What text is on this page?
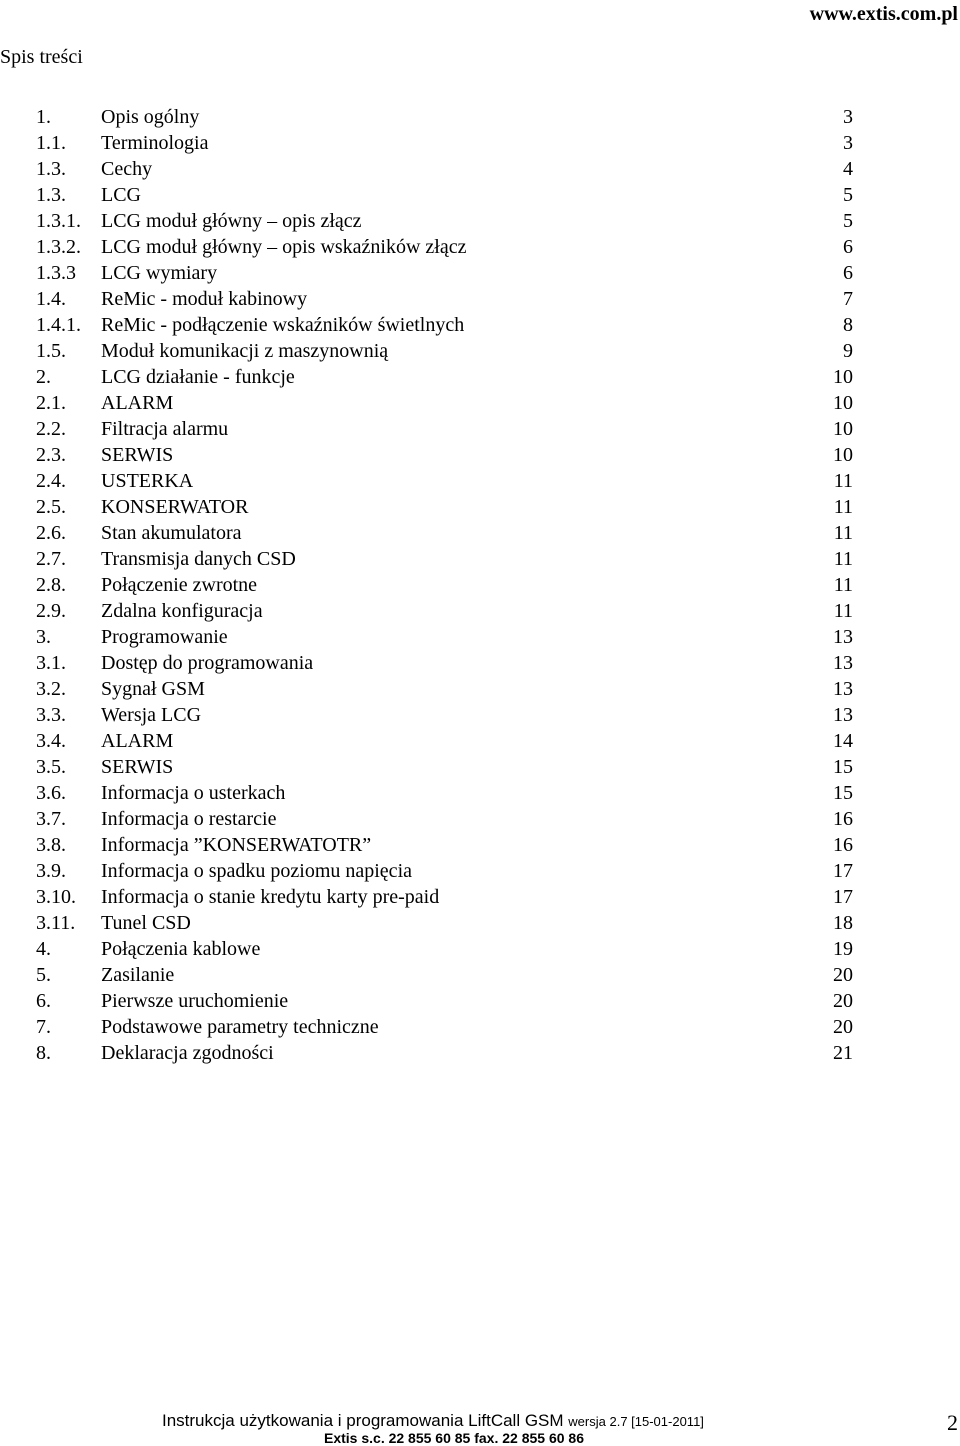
www.extis.com.pl
Spis treści
1.	Opis ogólny	3
1.1. Terminologia	3
1.3. Cechy	4
1.3. LCG	5
1.3.1. LCG moduł główny – opis złącz	5
1.3.2. LCG moduł główny – opis wskaźników złącz	6
1.3.3 LCG wymiary	6
1.4. ReMic - moduł kabinowy	7
1.4.1. ReMic - podłączenie wskaźników świetlnych	8
1.5. Moduł komunikacji z maszynownią	9
2.	LCG działanie - funkcje	10
2.1. ALARM	10
2.2. Filtracja alarmu	10
2.3. SERWIS	10
2.4. USTERKA	11
2.5. KONSERWATOR	11
2.6. Stan akumulatora	11
2.7. Transmisja danych CSD	11
2.8. Połączenie zwrotne	11
2.9. Zdalna konfiguracja	11
3.	Programowanie	13
3.1. Dostęp do programowania	13
3.2. Sygnał GSM	13
3.3. Wersja LCG	13
3.4. ALARM	14
3.5. SERWIS	15
3.6. Informacja o usterkach	15
3.7. Informacja o restarcie	16
3.8. Informacja ”KONSERWATOTR”	16
3.9. Informacja o spadku poziomu napięcia	17
3.10. Informacja o stanie kredytu karty pre-paid	17
3.11. Tunel CSD	18
4.	Połączenia kablowe	19
5.	Zasilanie	20
6.	Pierwsze uruchomienie	20
7.	Podstawowe parametry techniczne	20
8.	Deklaracja zgodności	21
Instrukcja użytkowania i programowania LiftCall GSM wersja 2.7 [15-01-2011]
Extis s.c. 22 855 60 85 fax. 22 855 60 86
2
